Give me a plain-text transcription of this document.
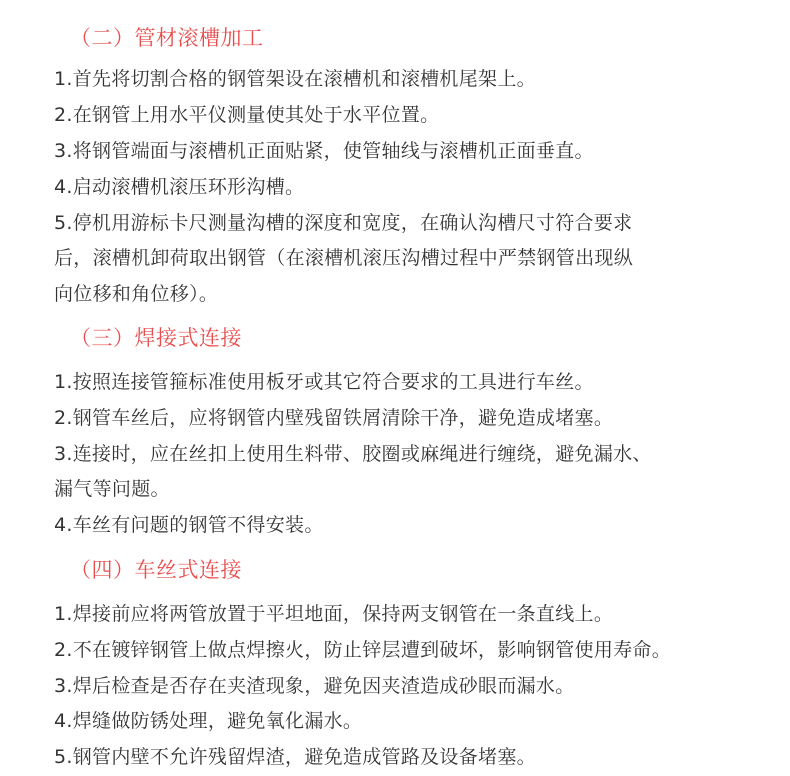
（二）管材滚槽加工
1.首先将切割合格的钢管架设在滚槽机和滚槽机尾架上。
2.在钢管上用水平仪测量使其处于水平位置。
3.将钢管端面与滚槽机正面贴紧，使管轴线与滚槽机正面垂直。
4.启动滚槽机滚压环形沟槽。
5.停机用游标卡尺测量沟槽的深度和宽度，在确认沟槽尺寸符合要求
后，滚槽机卸荷取出钢管（在滚槽机滚压沟槽过程中严禁钢管出现纵
向位移和角位移）。
（三）焊接式连接
1.按照连接管箍标准使用板牙或其它符合要求的工具进行车丝。
2.钢管车丝后，应将钢管内壁残留铁屑清除干净，避免造成堵塞。
3.连接时，应在丝扣上使用生料带、胶圈或麻绳进行缠绕，避免漏水、
漏气等问题。
4.车丝有问题的钢管不得安装。
（四）车丝式连接
1.焊接前应将两管放置于平坦地面，保持两支钢管在一条直线上。
2.不在镀锌钢管上做点焊擦火，防止锌层遭到破坏，影响钢管使用寿命。
3.焊后检查是否存在夹渣现象，避免因夹渣造成砂眼而漏水。
4.焊缝做防锈处理，避免氧化漏水。
5.钢管内壁不允许残留焊渣，避免造成管路及设备堵塞。
